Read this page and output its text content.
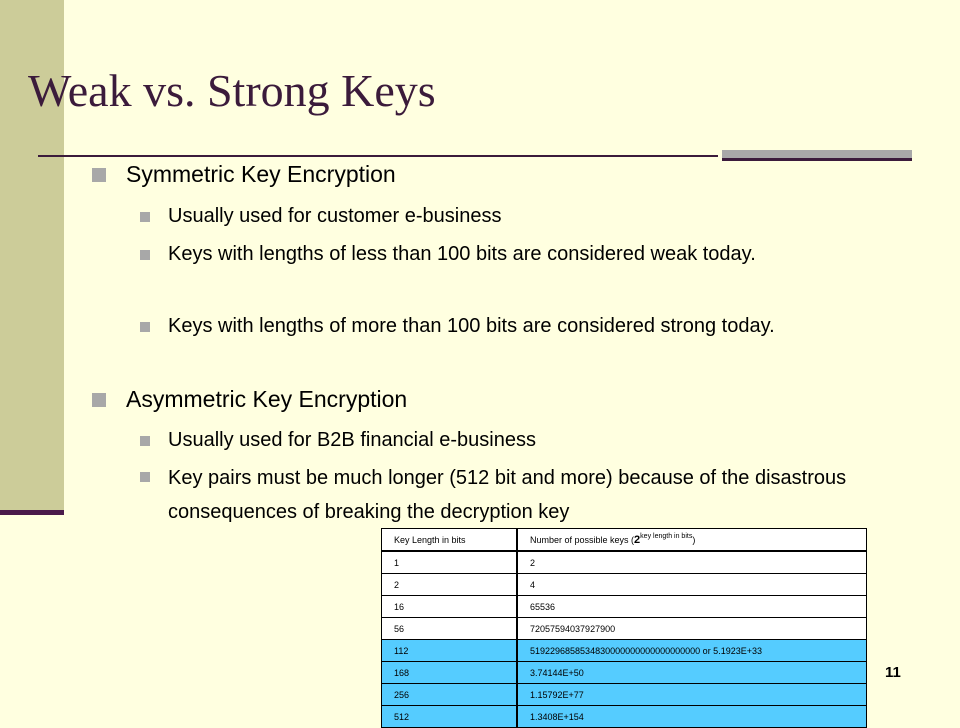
Weak vs. Strong Keys
Symmetric Key Encryption
Usually used for customer e-business
Keys with lengths of less than 100 bits are considered weak today.
Keys with lengths of more than 100 bits are considered strong today.
Asymmetric Key Encryption
Usually used for B2B financial e-business
Key pairs must be much longer (512 bit and more) because of the disastrous consequences of breaking the decryption key
Key Length in bits	Number of possible keys $(2^{key length in bits})$
1	2
2	4
16	65536
56	72057594037927900
112	5192296858534830000000000000000000 or 5.1923E+33
168	3.74144E+50
256	1.15792E+77
512	1.3408E+154
11
